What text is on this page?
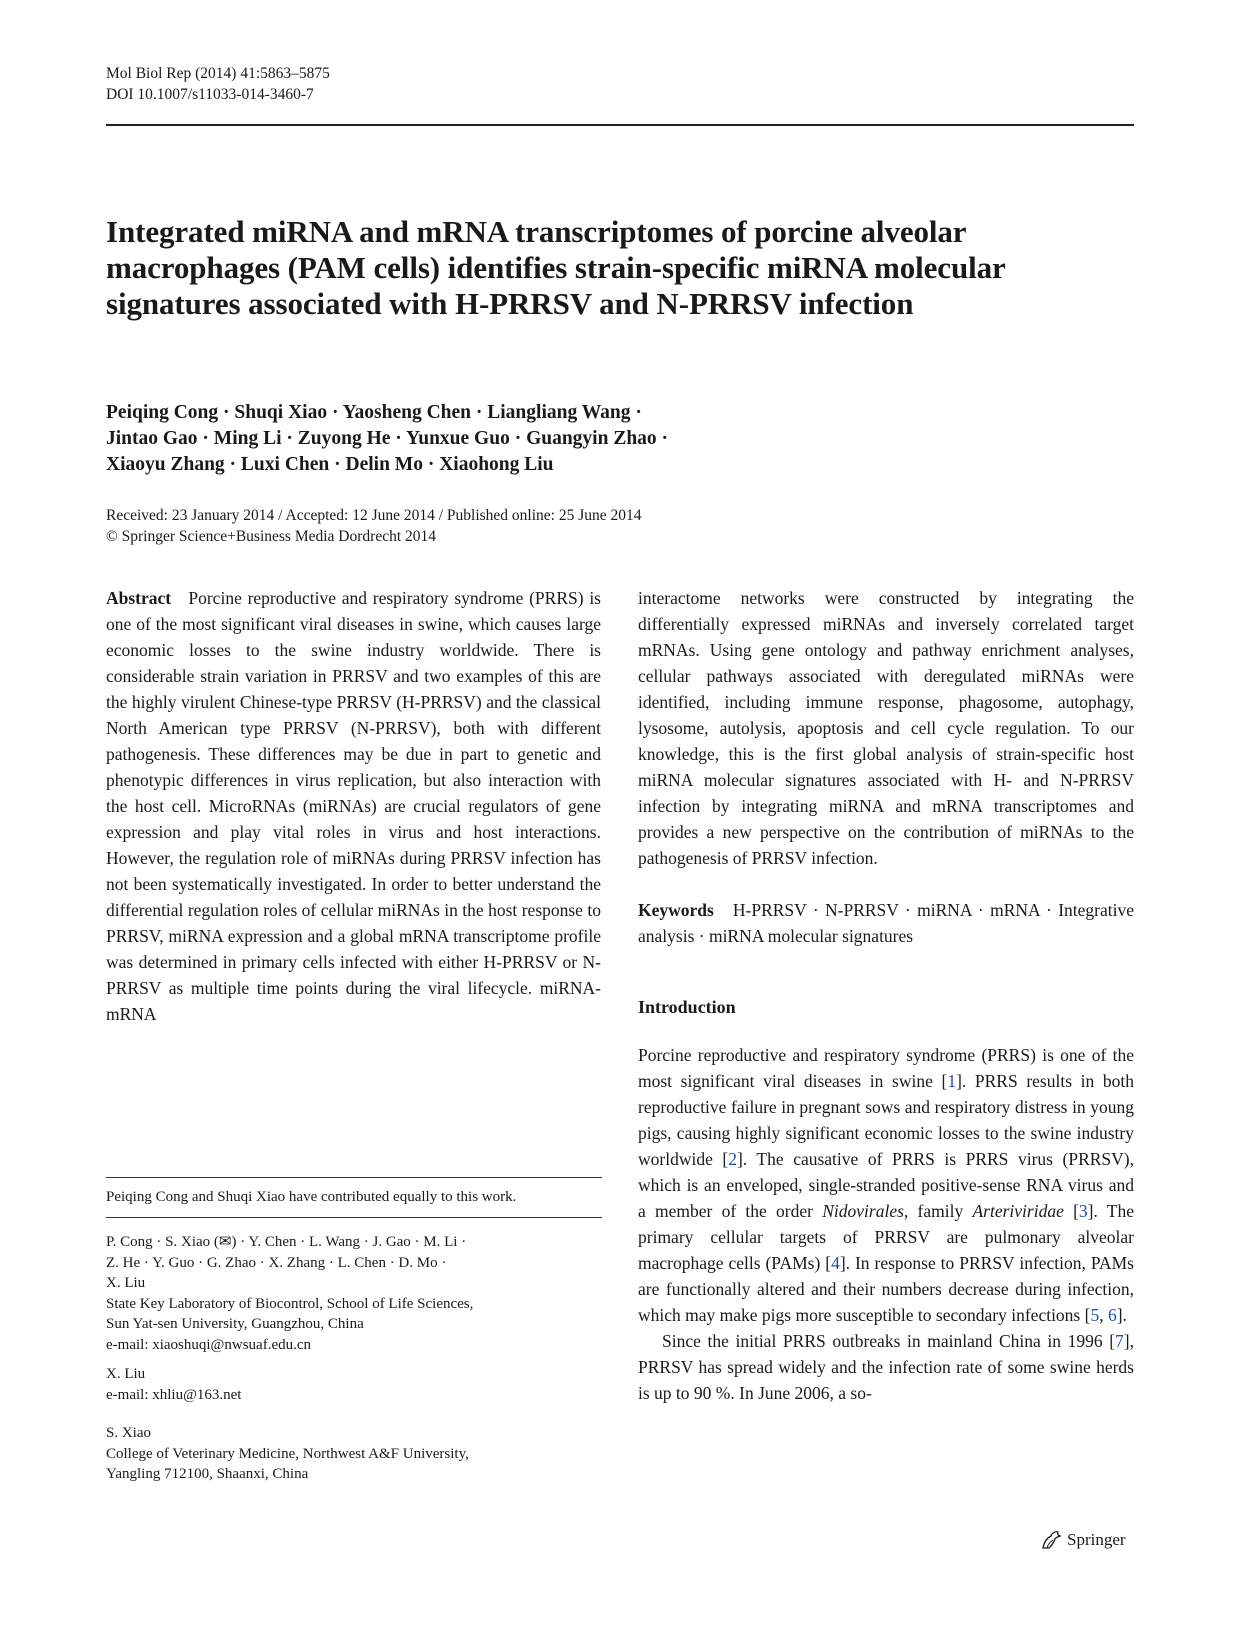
Mol Biol Rep (2014) 41:5863–5875
DOI 10.1007/s11033-014-3460-7
Integrated miRNA and mRNA transcriptomes of porcine alveolar macrophages (PAM cells) identifies strain-specific miRNA molecular signatures associated with H-PRRSV and N-PRRSV infection
Peiqing Cong · Shuqi Xiao · Yaosheng Chen · Liangliang Wang ·
Jintao Gao · Ming Li · Zuyong He · Yunxue Guo · Guangyin Zhao ·
Xiaoyu Zhang · Luxi Chen · Delin Mo · Xiaohong Liu
Received: 23 January 2014 / Accepted: 12 June 2014 / Published online: 25 June 2014
© Springer Science+Business Media Dordrecht 2014

Abstract Porcine reproductive and respiratory syndrome (PRRS) is one of the most significant viral diseases in swine, which causes large economic losses to the swine industry worldwide. There is considerable strain variation in PRRSV and two examples of this are the highly virulent Chinese-type PRRSV (H-PRRSV) and the classical North American type PRRSV (N-PRRSV), both with different pathogenesis. These differences may be due in part to genetic and phenotypic differences in virus replication, but also interaction with the host cell. MicroRNAs (miRNAs) are crucial regulators of gene expression and play vital roles in virus and host interactions. However, the regulation role of miRNAs during PRRSV infection has not been systematically investigated. In order to better understand the differential regulation roles of cellular miRNAs in the host response to PRRSV, miRNA expression and a global mRNA transcriptome profile was determined in primary cells infected with either H-PRRSV or N-PRRSV as multiple time points during the viral lifecycle. miRNA-mRNA

Peiqing Cong and Shuqi Xiao have contributed equally to this work.
P. Cong · S. Xiao (✉) · Y. Chen · L. Wang · J. Gao · M. Li ·
Z. He · Y. Guo · G. Zhao · X. Zhang · L. Chen · D. Mo ·
X. Liu
State Key Laboratory of Biocontrol, School of Life Sciences,
Sun Yat-sen University, Guangzhou, China
e-mail: xiaoshuqi@nwsuaf.edu.cn
X. Liu
e-mail: xhliu@163.net
S. Xiao
College of Veterinary Medicine, Northwest A&F University,
Yangling 712100, Shaanxi, China

interactome networks were constructed by integrating the differentially expressed miRNAs and inversely correlated target mRNAs. Using gene ontology and pathway enrichment analyses, cellular pathways associated with deregulated miRNAs were identified, including immune response, phagosome, autophagy, lysosome, autolysis, apoptosis and cell cycle regulation. To our knowledge, this is the first global analysis of strain-specific host miRNA molecular signatures associated with H- and N-PRRSV infection by integrating miRNA and mRNA transcriptomes and provides a new perspective on the contribution of miRNAs to the pathogenesis of PRRSV infection.

Keywords H-PRRSV · N-PRRSV · miRNA · mRNA · Integrative analysis · miRNA molecular signatures

Introduction

Porcine reproductive and respiratory syndrome (PRRS) is one of the most significant viral diseases in swine [1]. PRRS results in both reproductive failure in pregnant sows and respiratory distress in young pigs, causing highly significant economic losses to the swine industry worldwide [2]. The causative of PRRS is PRRS virus (PRRSV), which is an enveloped, single-stranded positive-sense RNA virus and a member of the order Nidovirales, family Arteriviridae [3]. The primary cellular targets of PRRSV are pulmonary alveolar macrophage cells (PAMs) [4]. In response to PRRSV infection, PAMs are functionally altered and their numbers decrease during infection, which may make pigs more susceptible to secondary infections [5, 6].

Since the initial PRRS outbreaks in mainland China in 1996 [7], PRRSV has spread widely and the infection rate of some swine herds is up to 90 %. In June 2006, a so-

Springer
